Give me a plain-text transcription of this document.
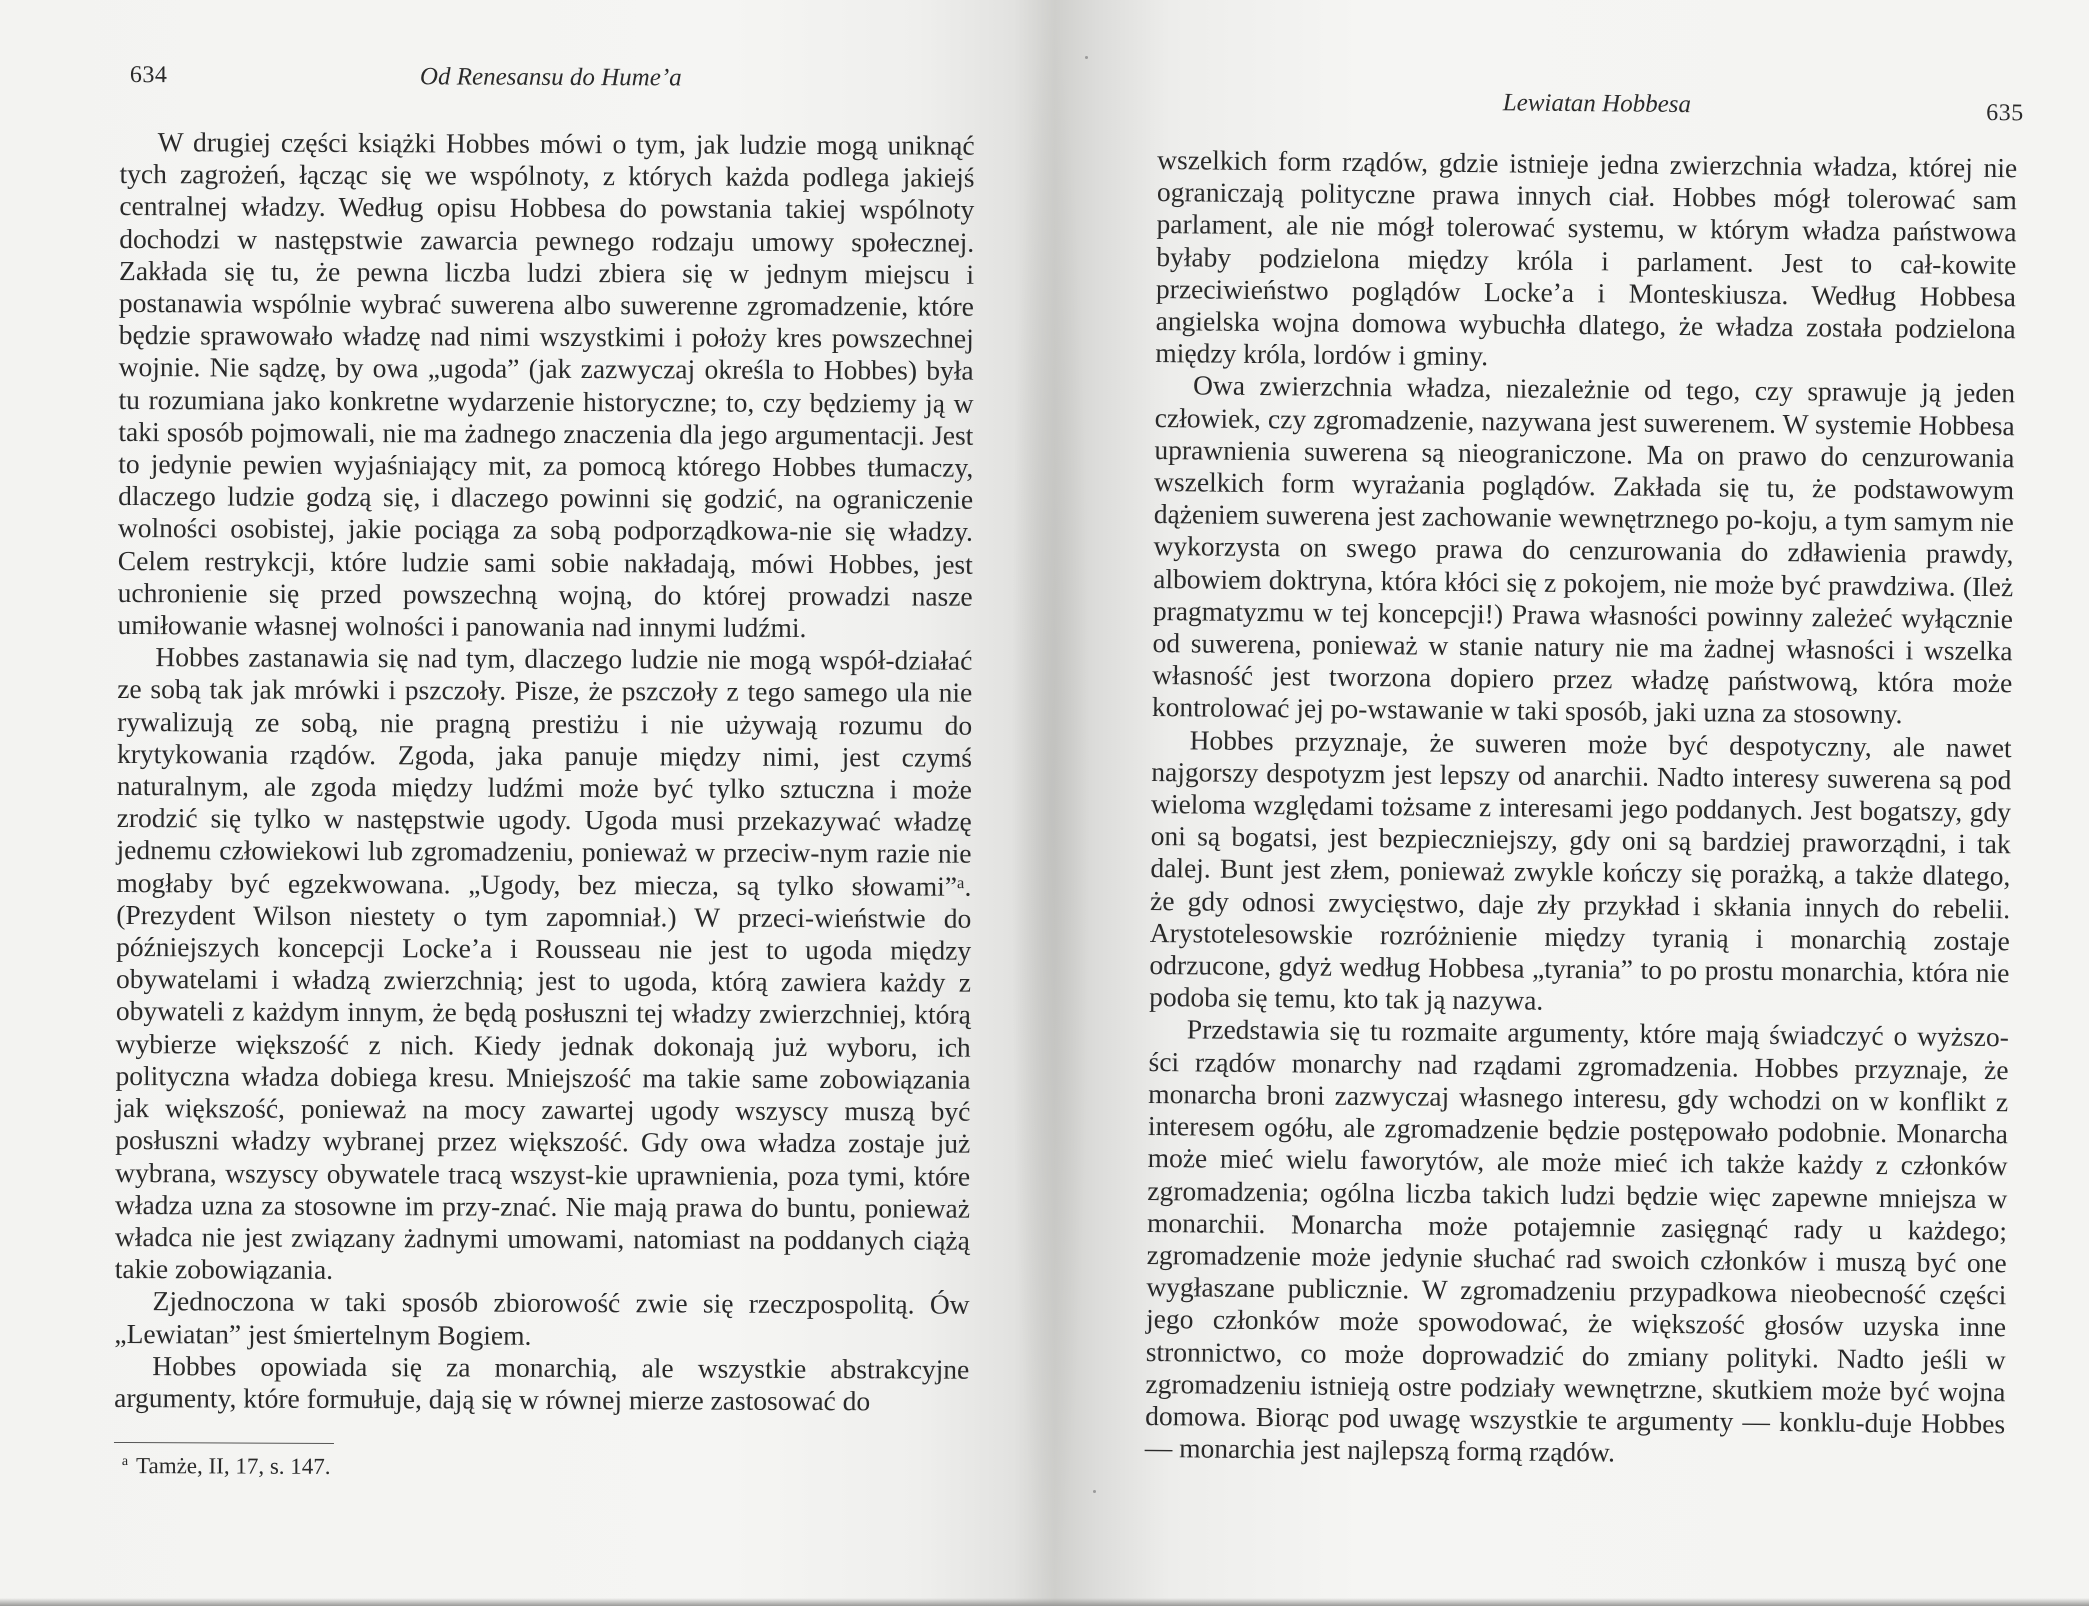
634	Od Renesansu do Hume’a

W drugiej części książki Hobbes mówi o tym, jak ludzie mogą uniknąć tych zagrożeń, łącząc się we wspólnoty, z których każda podlega jakiejś centralnej władzy. Według opisu Hobbesa do powstania takiej wspólnoty dochodzi w następstwie zawarcia pewnego rodzaju umowy społecznej. Zakłada się tu, że pewna liczba ludzi zbiera się w jednym miejscu i postanawia wspólnie wybrać suwerena albo suwerenne zgromadzenie, które będzie sprawowało władzę nad nimi wszystkimi i położy kres powszechnej wojnie. Nie sądzę, by owa „ugoda” (jak zazwyczaj określa to Hobbes) była tu rozumiana jako konkretne wydarzenie historyczne; to, czy będziemy ją w taki sposób pojmowali, nie ma żadnego znaczenia dla jego argumentacji. Jest to jedynie pewien wyjaśniający mit, za pomocą którego Hobbes tłumaczy, dlaczego ludzie godzą się, i dlaczego powinni się godzić, na ograniczenie wolności osobistej, jakie pociąga za sobą podporządkowa-nie się władzy. Celem restrykcji, które ludzie sami sobie nakładają, mówi Hobbes, jest uchronienie się przed powszechną wojną, do której prowadzi nasze umiłowanie własnej wolności i panowania nad innymi ludźmi.

Hobbes zastanawia się nad tym, dlaczego ludzie nie mogą współ-działać ze sobą tak jak mrówki i pszczoły. Pisze, że pszczoły z tego samego ula nie rywalizują ze sobą, nie pragną prestiżu i nie używają rozumu do krytykowania rządów. Zgoda, jaka panuje między nimi, jest czymś naturalnym, ale zgoda między ludźmi może być tylko sztuczna i może zrodzić się tylko w następstwie ugody. Ugoda musi przekazywać władzę jednemu człowiekowi lub zgromadzeniu, ponieważ w przeciw-nym razie nie mogłaby być egzekwowana. „Ugody, bez miecza, są tylko słowami”ᵃ. (Prezydent Wilson niestety o tym zapomniał.) W przeci-wieństwie do późniejszych koncepcji Locke’a i Rousseau nie jest to ugoda między obywatelami i władzą zwierzchnią; jest to ugoda, którą zawiera każdy z obywateli z każdym innym, że będą posłuszni tej władzy zwierzchniej, którą wybierze większość z nich. Kiedy jednak dokonają już wyboru, ich polityczna władza dobiega kresu. Mniejszość ma takie same zobowiązania jak większość, ponieważ na mocy zawartej ugody wszyscy muszą być posłuszni władzy wybranej przez większość. Gdy owa władza zostaje już wybrana, wszyscy obywatele tracą wszyst-kie uprawnienia, poza tymi, które władza uzna za stosowne im przy-znać. Nie mają prawa do buntu, ponieważ władca nie jest związany żadnymi umowami, natomiast na poddanych ciążą takie zobowiązania.

Zjednoczona w taki sposób zbiorowość zwie się rzeczpospolitą. Ów „Lewiatan” jest śmiertelnym Bogiem.

Hobbes opowiada się za monarchią, ale wszystkie abstrakcyjne argumenty, które formułuje, dają się w równej mierze zastosować do

$^a$ Tamże, II, 17, s. 147.
Lewiatan Hobbesa	635

wszelkich form rządów, gdzie istnieje jedna zwierzchnia władza, której nie ograniczają polityczne prawa innych ciał. Hobbes mógł tolerować sam parlament, ale nie mógł tolerować systemu, w którym władza państwowa byłaby podzielona między króla i parlament. Jest to cał-kowite przeciwieństwo poglądów Locke’a i Monteskiusza. Według Hobbesa angielska wojna domowa wybuchła dlatego, że władza została podzielona między króla, lordów i gminy.

Owa zwierzchnia władza, niezależnie od tego, czy sprawuje ją jeden człowiek, czy zgromadzenie, nazywana jest suwerenem. W systemie Hobbesa uprawnienia suwerena są nieograniczone. Ma on prawo do cenzurowania wszelkich form wyrażania poglądów. Zakłada się tu, że podstawowym dążeniem suwerena jest zachowanie wewnętrznego po-koju, a tym samym nie wykorzysta on swego prawa do cenzurowania do zdławienia prawdy, albowiem doktryna, która kłóci się z pokojem, nie może być prawdziwa. (Ileż pragmatyzmu w tej koncepcji!) Prawa własności powinny zależeć wyłącznie od suwerena, ponieważ w stanie natury nie ma żadnej własności i wszelka własność jest tworzona dopiero przez władzę państwową, która może kontrolować jej po-wstawanie w taki sposób, jaki uzna za stosowny.

Hobbes przyznaje, że suweren może być despotyczny, ale nawet najgorszy despotyzm jest lepszy od anarchii. Nadto interesy suwerena są pod wieloma względami tożsame z interesami jego poddanych. Jest bogatszy, gdy oni są bogatsi, jest bezpieczniejszy, gdy oni są bardziej praworządni, i tak dalej. Bunt jest złem, ponieważ zwykle kończy się porażką, a także dlatego, że gdy odnosi zwycięstwo, daje zły przykład i skłania innych do rebelii. Arystotelesowskie rozróżnienie między tyranią i monarchią zostaje odrzucone, gdyż według Hobbesa „tyrania” to po prostu monarchia, która nie podoba się temu, kto tak ją nazywa.

Przedstawia się tu rozmaite argumenty, które mają świadczyć o wyższo-ści rządów monarchy nad rządami zgromadzenia. Hobbes przyznaje, że monarcha broni zazwyczaj własnego interesu, gdy wchodzi on w konflikt z interesem ogółu, ale zgromadzenie będzie postępowało podobnie. Monarcha może mieć wielu faworytów, ale może mieć ich także każdy z członków zgromadzenia; ogólna liczba takich ludzi będzie więc zapewne mniejsza w monarchii. Monarcha może potajemnie zasięgnąć rady u każdego; zgromadzenie może jedynie słuchać rad swoich członków i muszą być one wygłaszane publicznie. W zgromadzeniu przypadkowa nieobecność części jego członków może spowodować, że większość głosów uzyska inne stronnictwo, co może doprowadzić do zmiany polityki. Nadto jeśli w zgromadzeniu istnieją ostre podziały wewnętrzne, skutkiem może być wojna domowa. Biorąc pod uwagę wszystkie te argumenty — konklu-duje Hobbes — monarchia jest najlepszą formą rządów.
